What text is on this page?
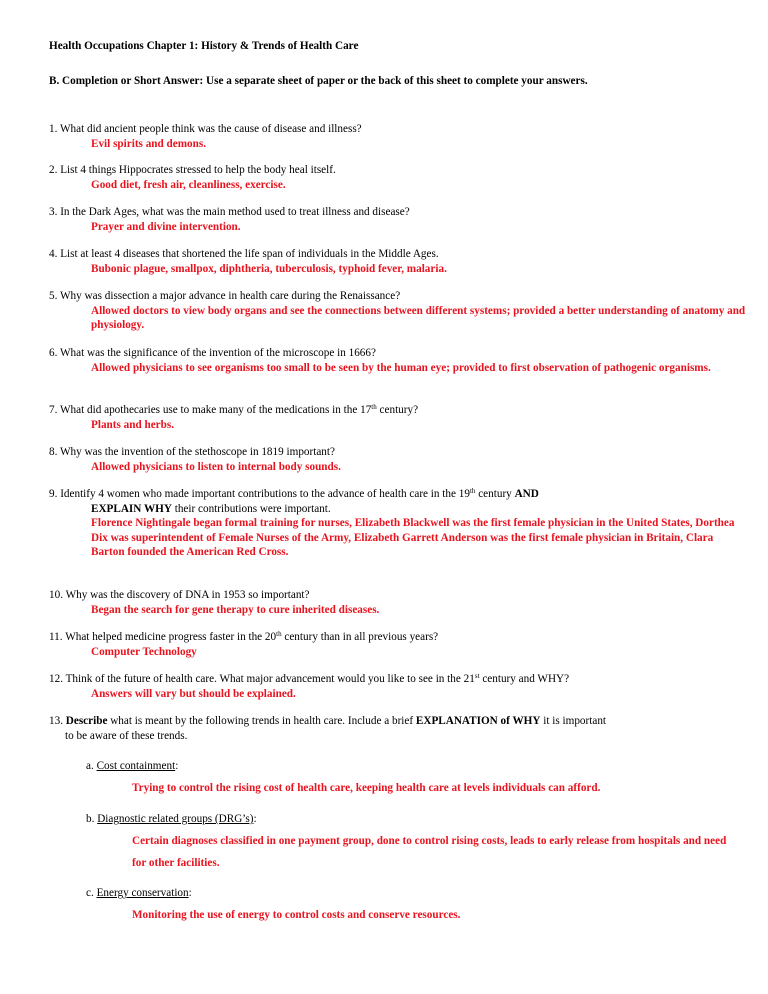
Health Occupations Chapter 1: History & Trends of Health Care
B. Completion or Short Answer: Use a separate sheet of paper or the back of this sheet to complete your answers.
1. What did ancient people think was the cause of disease and illness?
Evil spirits and demons.
2. List 4 things Hippocrates stressed to help the body heal itself.
Good diet, fresh air, cleanliness, exercise.
3. In the Dark Ages, what was the main method used to treat illness and disease?
Prayer and divine intervention.
4. List at least 4 diseases that shortened the life span of individuals in the Middle Ages.
Bubonic plague, smallpox, diphtheria, tuberculosis, typhoid fever, malaria.
5. Why was dissection a major advance in health care during the Renaissance?
Allowed doctors to view body organs and see the connections between different systems; provided a better understanding of anatomy and physiology.
6. What was the significance of the invention of the microscope in 1666?
Allowed physicians to see organisms too small to be seen by the human eye; provided to first observation of pathogenic organisms.
7. What did apothecaries use to make many of the medications in the 17th century?
Plants and herbs.
8. Why was the invention of the stethoscope in 1819 important?
Allowed physicians to listen to internal body sounds.
9. Identify 4 women who made important contributions to the advance of health care in the 19th century AND
EXPLAIN WHY their contributions were important.
Florence Nightingale began formal training for nurses, Elizabeth Blackwell was the first female physician in the United States, Dorthea Dix was superintendent of Female Nurses of the Army, Elizabeth Garrett Anderson was the first female physician in Britain, Clara Barton founded the American Red Cross.
10. Why was the discovery of DNA in 1953 so important?
Began the search for gene therapy to cure inherited diseases.
11. What helped medicine progress faster in the 20th century than in all previous years?
Computer Technology
12. Think of the future of health care. What major advancement would you like to see in the 21st century and WHY?
Answers will vary but should be explained.
13. Describe what is meant by the following trends in health care. Include a brief EXPLANATION of WHY it is important
to be aware of these trends.
a. Cost containment:
Trying to control the rising cost of health care, keeping health care at levels individuals can afford.
b. Diagnostic related groups (DRG’s):
Certain diagnoses classified in one payment group, done to control rising costs, leads to early release from hospitals and need for other facilities.
c. Energy conservation:
Monitoring the use of energy to control costs and conserve resources.
